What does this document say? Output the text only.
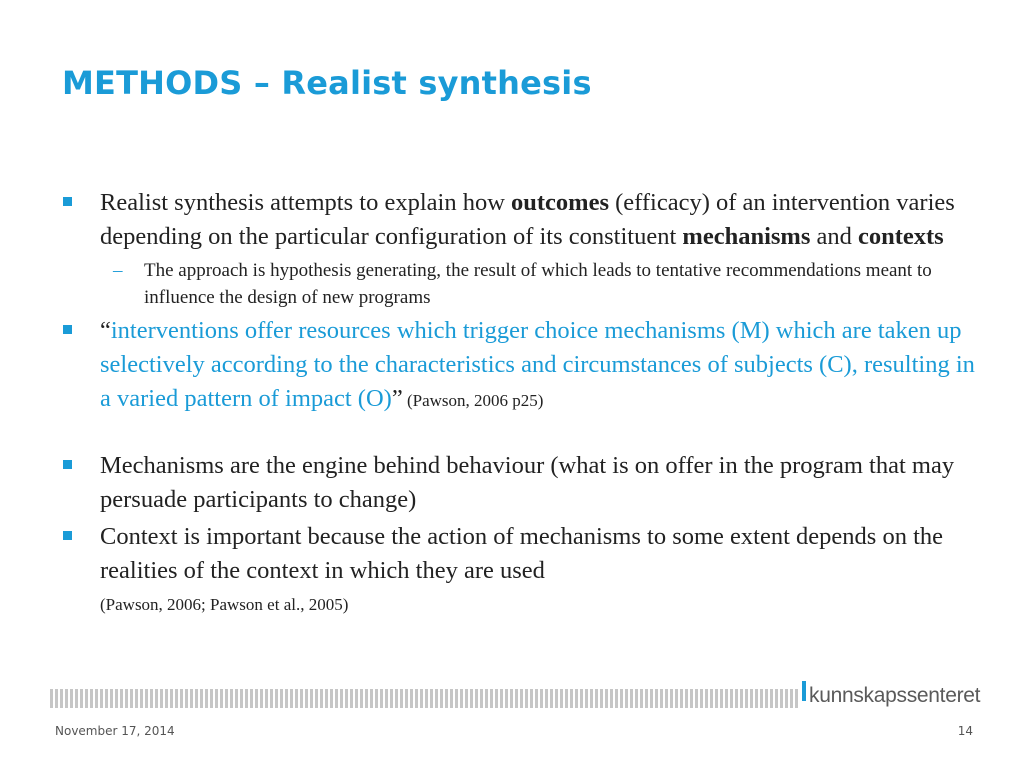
METHODS – Realist synthesis
Realist synthesis attempts to explain how outcomes (efficacy) of an intervention varies depending on the particular configuration of its constituent mechanisms and contexts
– The approach is hypothesis generating, the result of which leads to tentative recommendations meant to influence the design of new programs
“interventions offer resources which trigger choice mechanisms (M) which are taken up selectively according to the characteristics and circumstances of subjects (C), resulting in a varied pattern of impact (O)” (Pawson, 2006 p25)
Mechanisms are the engine behind behaviour (what is on offer in the program that may persuade participants to change)
Context is important because the action of mechanisms to some extent depends on the realities of the context in which they are used
(Pawson, 2006; Pawson et al., 2005)
kunnskapssenteret
November 17, 2014	14
